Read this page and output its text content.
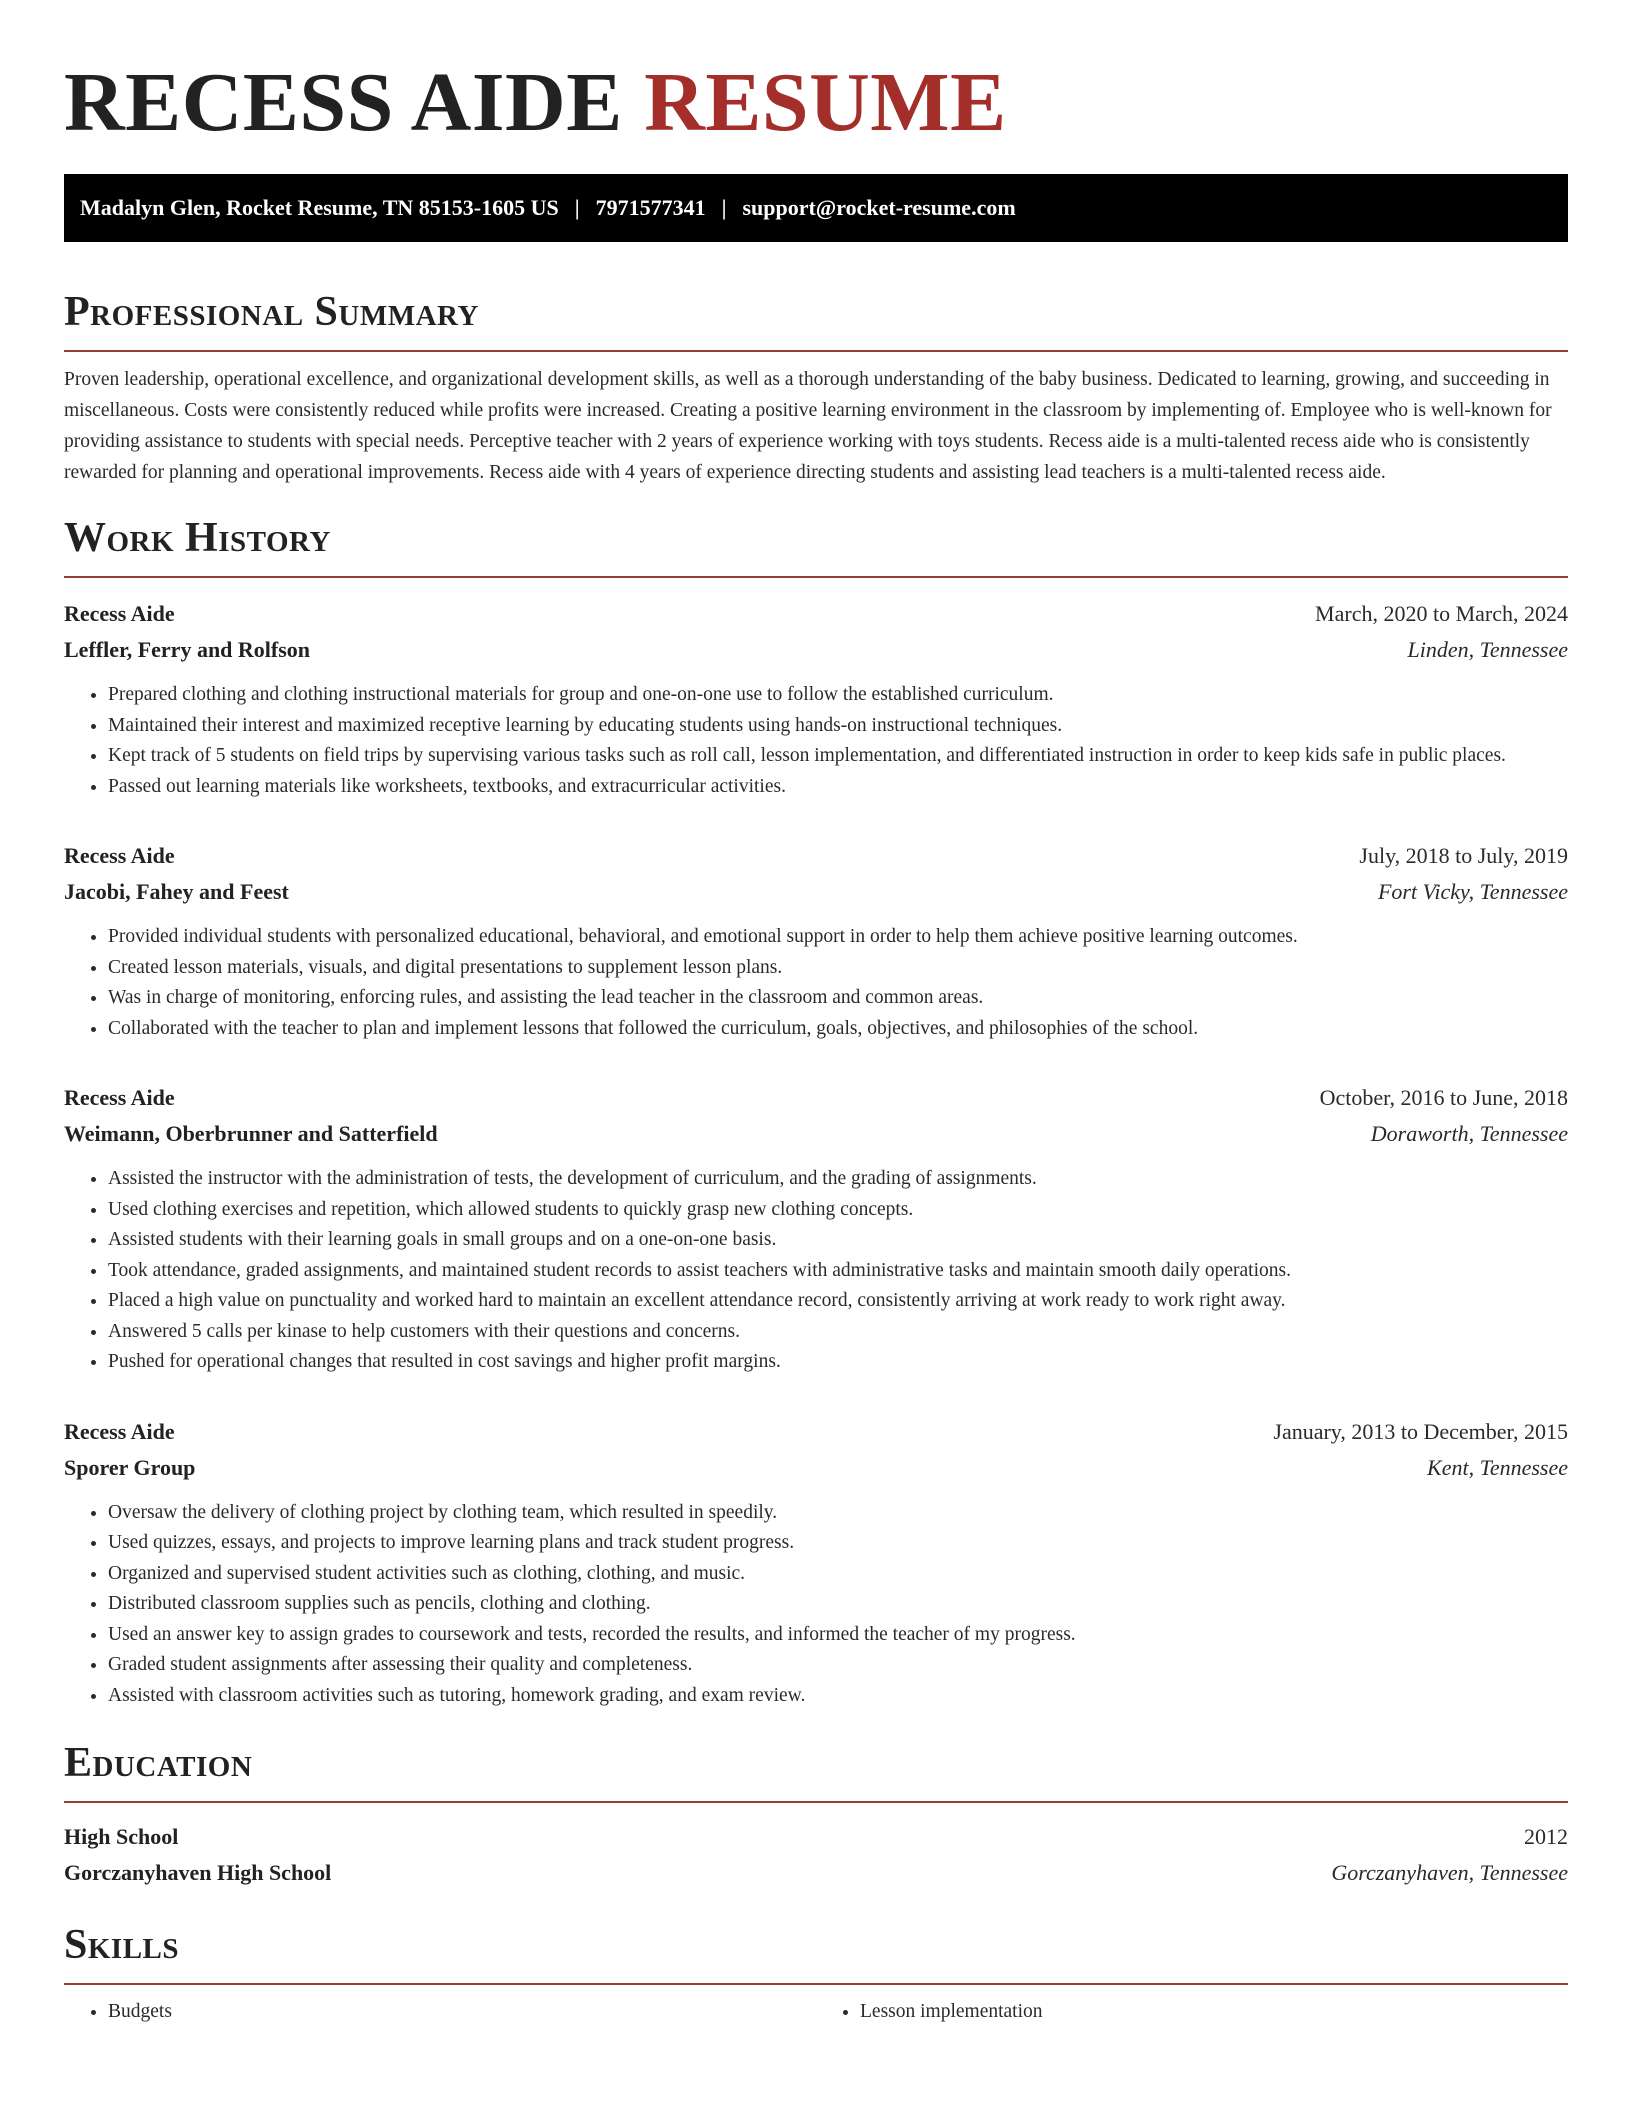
RECESS AIDE RESUME
Madalyn Glen, Rocket Resume, TN 85153-1605 US | 7971577341 | support@rocket-resume.com
Professional Summary

Proven leadership, operational excellence, and organizational development skills, as well as a thorough understanding of the baby business. Dedicated to learning, growing, and succeeding in miscellaneous. Costs were consistently reduced while profits were increased. Creating a positive learning environment in the classroom by implementing of. Employee who is well-known for providing assistance to students with special needs. Perceptive teacher with 2 years of experience working with toys students. Recess aide is a multi-talented recess aide who is consistently rewarded for planning and operational improvements. Recess aide with 4 years of experience directing students and assisting lead teachers is a multi-talented recess aide.

Work History
Recess Aide	March, 2020 to March, 2024
Leffler, Ferry and Rolfson	Linden, Tennessee
• Prepared clothing and clothing instructional materials for group and one-on-one use to follow the established curriculum.
• Maintained their interest and maximized receptive learning by educating students using hands-on instructional techniques.
• Kept track of 5 students on field trips by supervising various tasks such as roll call, lesson implementation, and differentiated instruction in order to keep kids safe in public places.
• Passed out learning materials like worksheets, textbooks, and extracurricular activities.
Recess Aide	July, 2018 to July, 2019
Jacobi, Fahey and Feest	Fort Vicky, Tennessee
• Provided individual students with personalized educational, behavioral, and emotional support in order to help them achieve positive learning outcomes.
• Created lesson materials, visuals, and digital presentations to supplement lesson plans.
• Was in charge of monitoring, enforcing rules, and assisting the lead teacher in the classroom and common areas.
• Collaborated with the teacher to plan and implement lessons that followed the curriculum, goals, objectives, and philosophies of the school.
Recess Aide	October, 2016 to June, 2018
Weimann, Oberbrunner and Satterfield	Doraworth, Tennessee
• Assisted the instructor with the administration of tests, the development of curriculum, and the grading of assignments.
• Used clothing exercises and repetition, which allowed students to quickly grasp new clothing concepts.
• Assisted students with their learning goals in small groups and on a one-on-one basis.
• Took attendance, graded assignments, and maintained student records to assist teachers with administrative tasks and maintain smooth daily operations.
• Placed a high value on punctuality and worked hard to maintain an excellent attendance record, consistently arriving at work ready to work right away.
• Answered 5 calls per kinase to help customers with their questions and concerns.
• Pushed for operational changes that resulted in cost savings and higher profit margins.
Recess Aide	January, 2013 to December, 2015
Sporer Group	Kent, Tennessee
• Oversaw the delivery of clothing project by clothing team, which resulted in speedily.
• Used quizzes, essays, and projects to improve learning plans and track student progress.
• Organized and supervised student activities such as clothing, clothing, and music.
• Distributed classroom supplies such as pencils, clothing and clothing.
• Used an answer key to assign grades to coursework and tests, recorded the results, and informed the teacher of my progress.
• Graded student assignments after assessing their quality and completeness.
• Assisted with classroom activities such as tutoring, homework grading, and exam review.
Education
High School	2012
Gorczanyhaven High School	Gorczanyhaven, Tennessee
Skills
• Budgets
•	Lesson implementation
